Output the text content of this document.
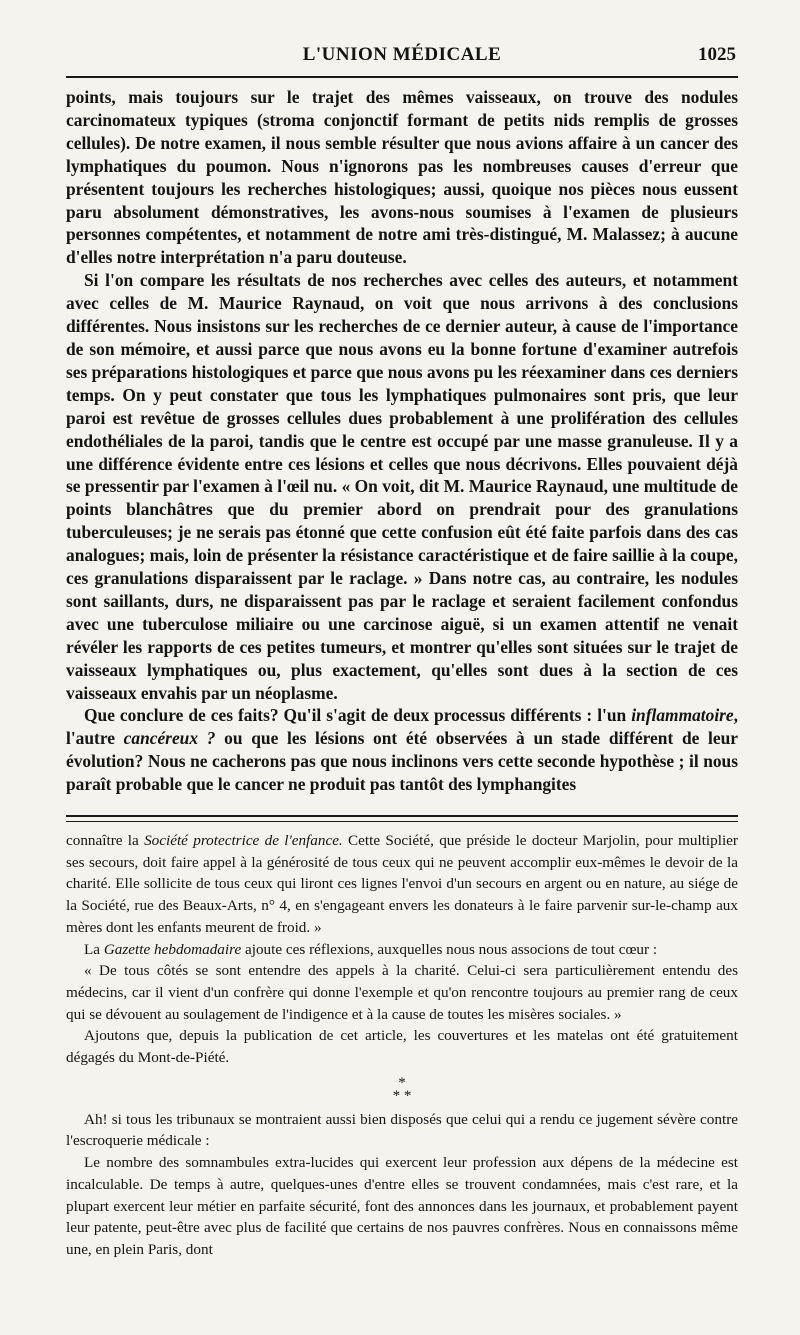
L'UNION MÉDICALE	1025

points, mais toujours sur le trajet des mêmes vaisseaux, on trouve des nodules carcinomateux typiques (stroma conjonctif formant de petits nids remplis de grosses cellules). De notre examen, il nous semble résulter que nous avions affaire à un cancer des lymphatiques du poumon. Nous n'ignorons pas les nombreuses causes d'erreur que présentent toujours les recherches histologiques; aussi, quoique nos pièces nous eussent paru absolument démonstratives, les avons-nous soumises à l'examen de plusieurs personnes compétentes, et notamment de notre ami très-distingué, M. Malassez; à aucune d'elles notre interprétation n'a paru douteuse.

Si l'on compare les résultats de nos recherches avec celles des auteurs, et notamment avec celles de M. Maurice Raynaud, on voit que nous arrivons à des conclusions différentes. Nous insistons sur les recherches de ce dernier auteur, à cause de l'importance de son mémoire, et aussi parce que nous avons eu la bonne fortune d'examiner autrefois ses préparations histologiques et parce que nous avons pu les réexaminer dans ces derniers temps. On y peut constater que tous les lymphatiques pulmonaires sont pris, que leur paroi est revêtue de grosses cellules dues probablement à une prolifération des cellules endothéliales de la paroi, tandis que le centre est occupé par une masse granuleuse. Il y a une différence évidente entre ces lésions et celles que nous décrivons. Elles pouvaient déjà se pressentir par l'examen à l'œil nu. « On voit, dit M. Maurice Raynaud, une multitude de points blanchâtres que du premier abord on prendrait pour des granulations tuberculeuses; je ne serais pas étonné que cette confusion eût été faite parfois dans des cas analogues; mais, loin de présenter la résistance caractéristique et de faire saillie à la coupe, ces granulations disparaissent par le raclage. » Dans notre cas, au contraire, les nodules sont saillants, durs, ne disparaissent pas par le raclage et seraient facilement confondus avec une tuberculose miliaire ou une carcinose aiguë, si un examen attentif ne venait révéler les rapports de ces petites tumeurs, et montrer qu'elles sont situées sur le trajet de vaisseaux lymphatiques ou, plus exactement, qu'elles sont dues à la section de ces vaisseaux envahis par un néoplasme.

Que conclure de ces faits? Qu'il s'agit de deux processus différents : l'un inflammatoire, l'autre cancéreux ? ou que les lésions ont été observées à un stade différent de leur évolution? Nous ne cacherons pas que nous inclinons vers cette seconde hypothèse ; il nous paraît probable que le cancer ne produit pas tantôt des lymphangites

connaître la Société protectrice de l'enfance. Cette Société, que préside le docteur Marjolin, pour multiplier ses secours, doit faire appel à la générosité de tous ceux qui ne peuvent accomplir eux-mêmes le devoir de la charité. Elle sollicite de tous ceux qui liront ces lignes l'envoi d'un secours en argent ou en nature, au siége de la Société, rue des Beaux-Arts, n° 4, en s'engageant envers les donateurs à le faire parvenir sur-le-champ aux mères dont les enfants meurent de froid. »

La Gazette hebdomadaire ajoute ces réflexions, auxquelles nous nous associons de tout cœur :

« De tous côtés se sont entendre des appels à la charité. Celui-ci sera particulièrement entendu des médecins, car il vient d'un confrère qui donne l'exemple et qu'on rencontre toujours au premier rang de ceux qui se dévouent au soulagement de l'indigence et à la cause de toutes les misères sociales. »

Ajoutons que, depuis la publication de cet article, les couvertures et les matelas ont été gratuitement dégagés du Mont-de-Piété.

*
* *

Ah! si tous les tribunaux se montraient aussi bien disposés que celui qui a rendu ce jugement sévère contre l'escroquerie médicale :

Le nombre des somnambules extra-lucides qui exercent leur profession aux dépens de la médecine est incalculable. De temps à autre, quelques-unes d'entre elles se trouvent condamnées, mais c'est rare, et la plupart exercent leur métier en parfaite sécurité, font des annonces dans les journaux, et probablement payent leur patente, peut-être avec plus de facilité que certains de nos pauvres confrères. Nous en connaissons même une, en plein Paris, dont
